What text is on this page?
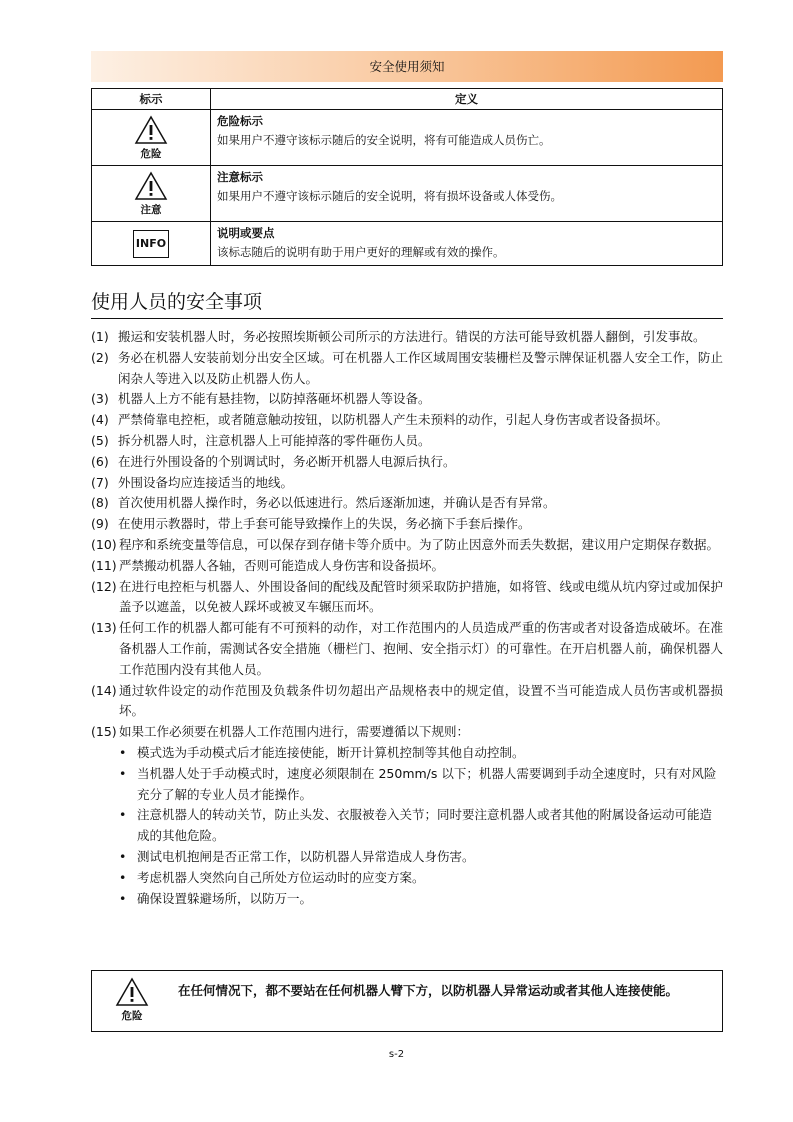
安全使用须知
标示	定义

危险	危险标示
如果用户不遵守该标示随后的安全说明，将有可能造成人员伤亡。

注意	注意标示
如果用户不遵守该标示随后的安全说明，将有损坏设备或人体受伤。

INFO	说明或要点
该标志随后的说明有助于用户更好的理解或有效的操作。
使用人员的安全事项
(1) 搬运和安装机器人时，务必按照埃斯顿公司所示的方法进行。错误的方法可能导致机器人翻倒，引发事故。
(2) 务必在机器人安装前划分出安全区域。可在机器人工作区域周围安装栅栏及警示牌保证机器人安全工作，防止闲杂人等进入以及防止机器人伤人。
(3) 机器人上方不能有悬挂物，以防掉落砸坏机器人等设备。
(4) 严禁倚靠电控柜，或者随意触动按钮，以防机器人产生未预料的动作，引起人身伤害或者设备损坏。
(5) 拆分机器人时，注意机器人上可能掉落的零件砸伤人员。
(6) 在进行外围设备的个别调试时，务必断开机器人电源后执行。
(7) 外围设备均应连接适当的地线。
(8) 首次使用机器人操作时，务必以低速进行。然后逐渐加速，并确认是否有异常。
(9) 在使用示教器时，带上手套可能导致操作上的失误，务必摘下手套后操作。
(10) 程序和系统变量等信息，可以保存到存储卡等介质中。为了防止因意外而丢失数据，建议用户定期保存数据。
(11) 严禁搬动机器人各轴，否则可能造成人身伤害和设备损坏。
(12) 在进行电控柜与机器人、外围设备间的配线及配管时须采取防护措施，如将管、线或电缆从坑内穿过或加保护盖予以遮盖，以免被人踩坏或被叉车辗压而坏。
(13) 任何工作的机器人都可能有不可预料的动作，对工作范围内的人员造成严重的伤害或者对设备造成破坏。在准备机器人工作前，需测试各安全措施（栅栏门、抱闸、安全指示灯）的可靠性。在开启机器人前，确保机器人工作范围内没有其他人员。
(14) 通过软件设定的动作范围及负载条件切勿超出产品规格表中的规定值，设置不当可能造成人员伤害或机器损坏。
(15) 如果工作必须要在机器人工作范围内进行，需要遵循以下规则：
• 模式选为手动模式后才能连接使能，断开计算机控制等其他自动控制。
• 当机器人处于手动模式时，速度必须限制在 250mm/s 以下；机器人需要调到手动全速度时，只有对风险充分了解的专业人员才能操作。
• 注意机器人的转动关节，防止头发、衣服被卷入关节；同时要注意机器人或者其他的附属设备运动可能造成的其他危险。
• 测试电机抱闸是否正常工作，以防机器人异常造成人身伤害。
• 考虑机器人突然向自己所处方位运动时的应变方案。
• 确保设置躲避场所，以防万一。
危险
在任何情况下，都不要站在任何机器人臂下方，以防机器人异常运动或者其他人连接使能。
s-2
